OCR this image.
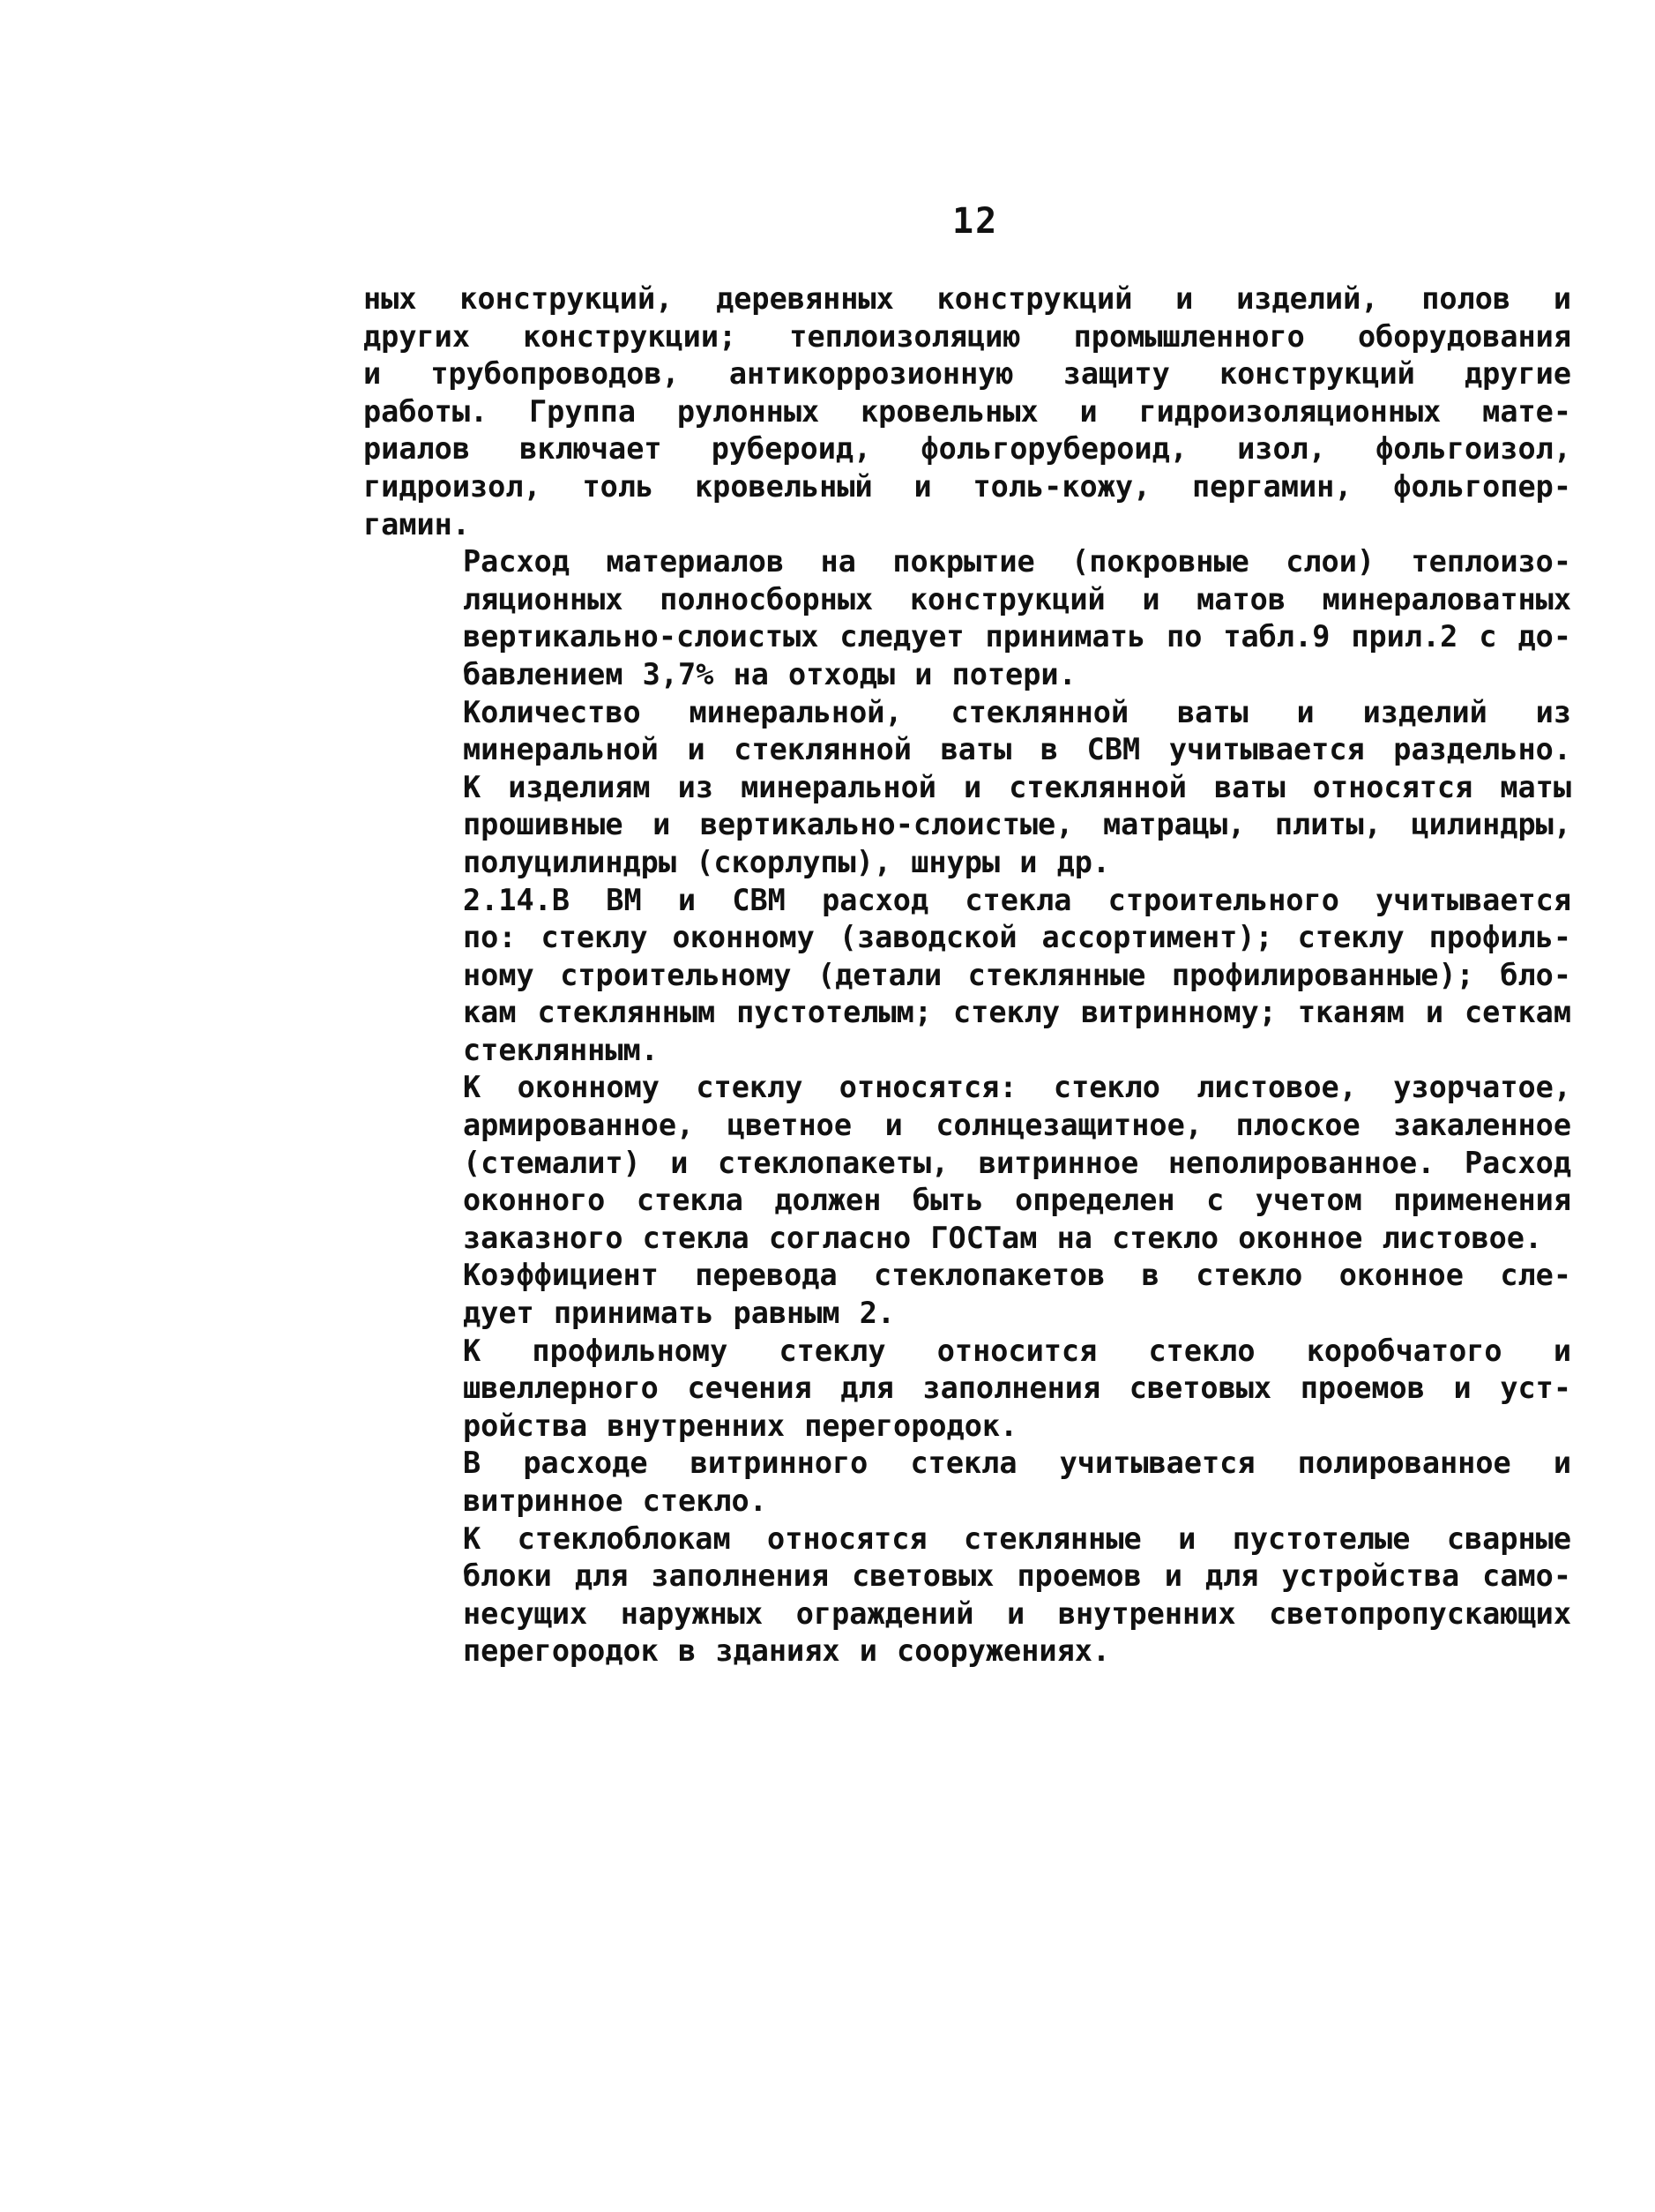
12
ных конструкций, деревянных конструкций и изделий, полов и
других конструкции; теплоизоляцию промышленного оборудования
и трубопроводов, антикоррозионную защиту конструкций другие
работы. Группа рулонных кровельных и гидроизоляционных мате-
риалов включает рубероид, фольгорубероид, изол, фольгоизол,
гидроизол, толь кровельный и толь-кожу, пергамин, фольгопер-
гамин.
Расход материалов на покрытие (покровные слои) теплоизо-
ляционных полносборных конструкций и матов минераловатных
вертикально-слоистых следует принимать по табл.9 прил.2 с до-
бавлением 3,7% на отходы и потери.
Количество минеральной, стеклянной ваты и изделий из
минеральной и стеклянной ваты в СВМ учитывается раздельно.
К изделиям из минеральной и стеклянной ваты относятся маты
прошивные и вертикально-слоистые, матрацы, плиты, цилиндры,
полуцилиндры (скорлупы), шнуры и др.
2.14.В ВМ и СВМ расход стекла строительного учитывается
по: стеклу оконному (заводской ассортимент); стеклу профиль-
ному строительному (детали стеклянные профилированные); бло-
кам стеклянным пустотелым; стеклу витринному; тканям и сеткам
стеклянным.
К оконному стеклу относятся: стекло листовое, узорчатое,
армированное, цветное и солнцезащитное, плоское закаленное
(стемалит) и стеклопакеты, витринное неполированное. Расход
оконного стекла должен быть определен с учетом применения
заказного стекла согласно ГОСТам на стекло оконное листовое.
Коэффициент перевода стеклопакетов в стекло оконное сле-
дует принимать равным 2.
К профильному стеклу относится стекло коробчатого и
швеллерного сечения для заполнения световых проемов и уст-
ройства внутренних перегородок.
В расходе витринного стекла учитывается полированное и
витринное стекло.
К стеклоблокам относятся стеклянные и пустотелые сварные
блоки для заполнения световых проемов и для устройства само-
несущих наружных ограждений и внутренних светопропускающих
перегородок в зданиях и сооружениях.
